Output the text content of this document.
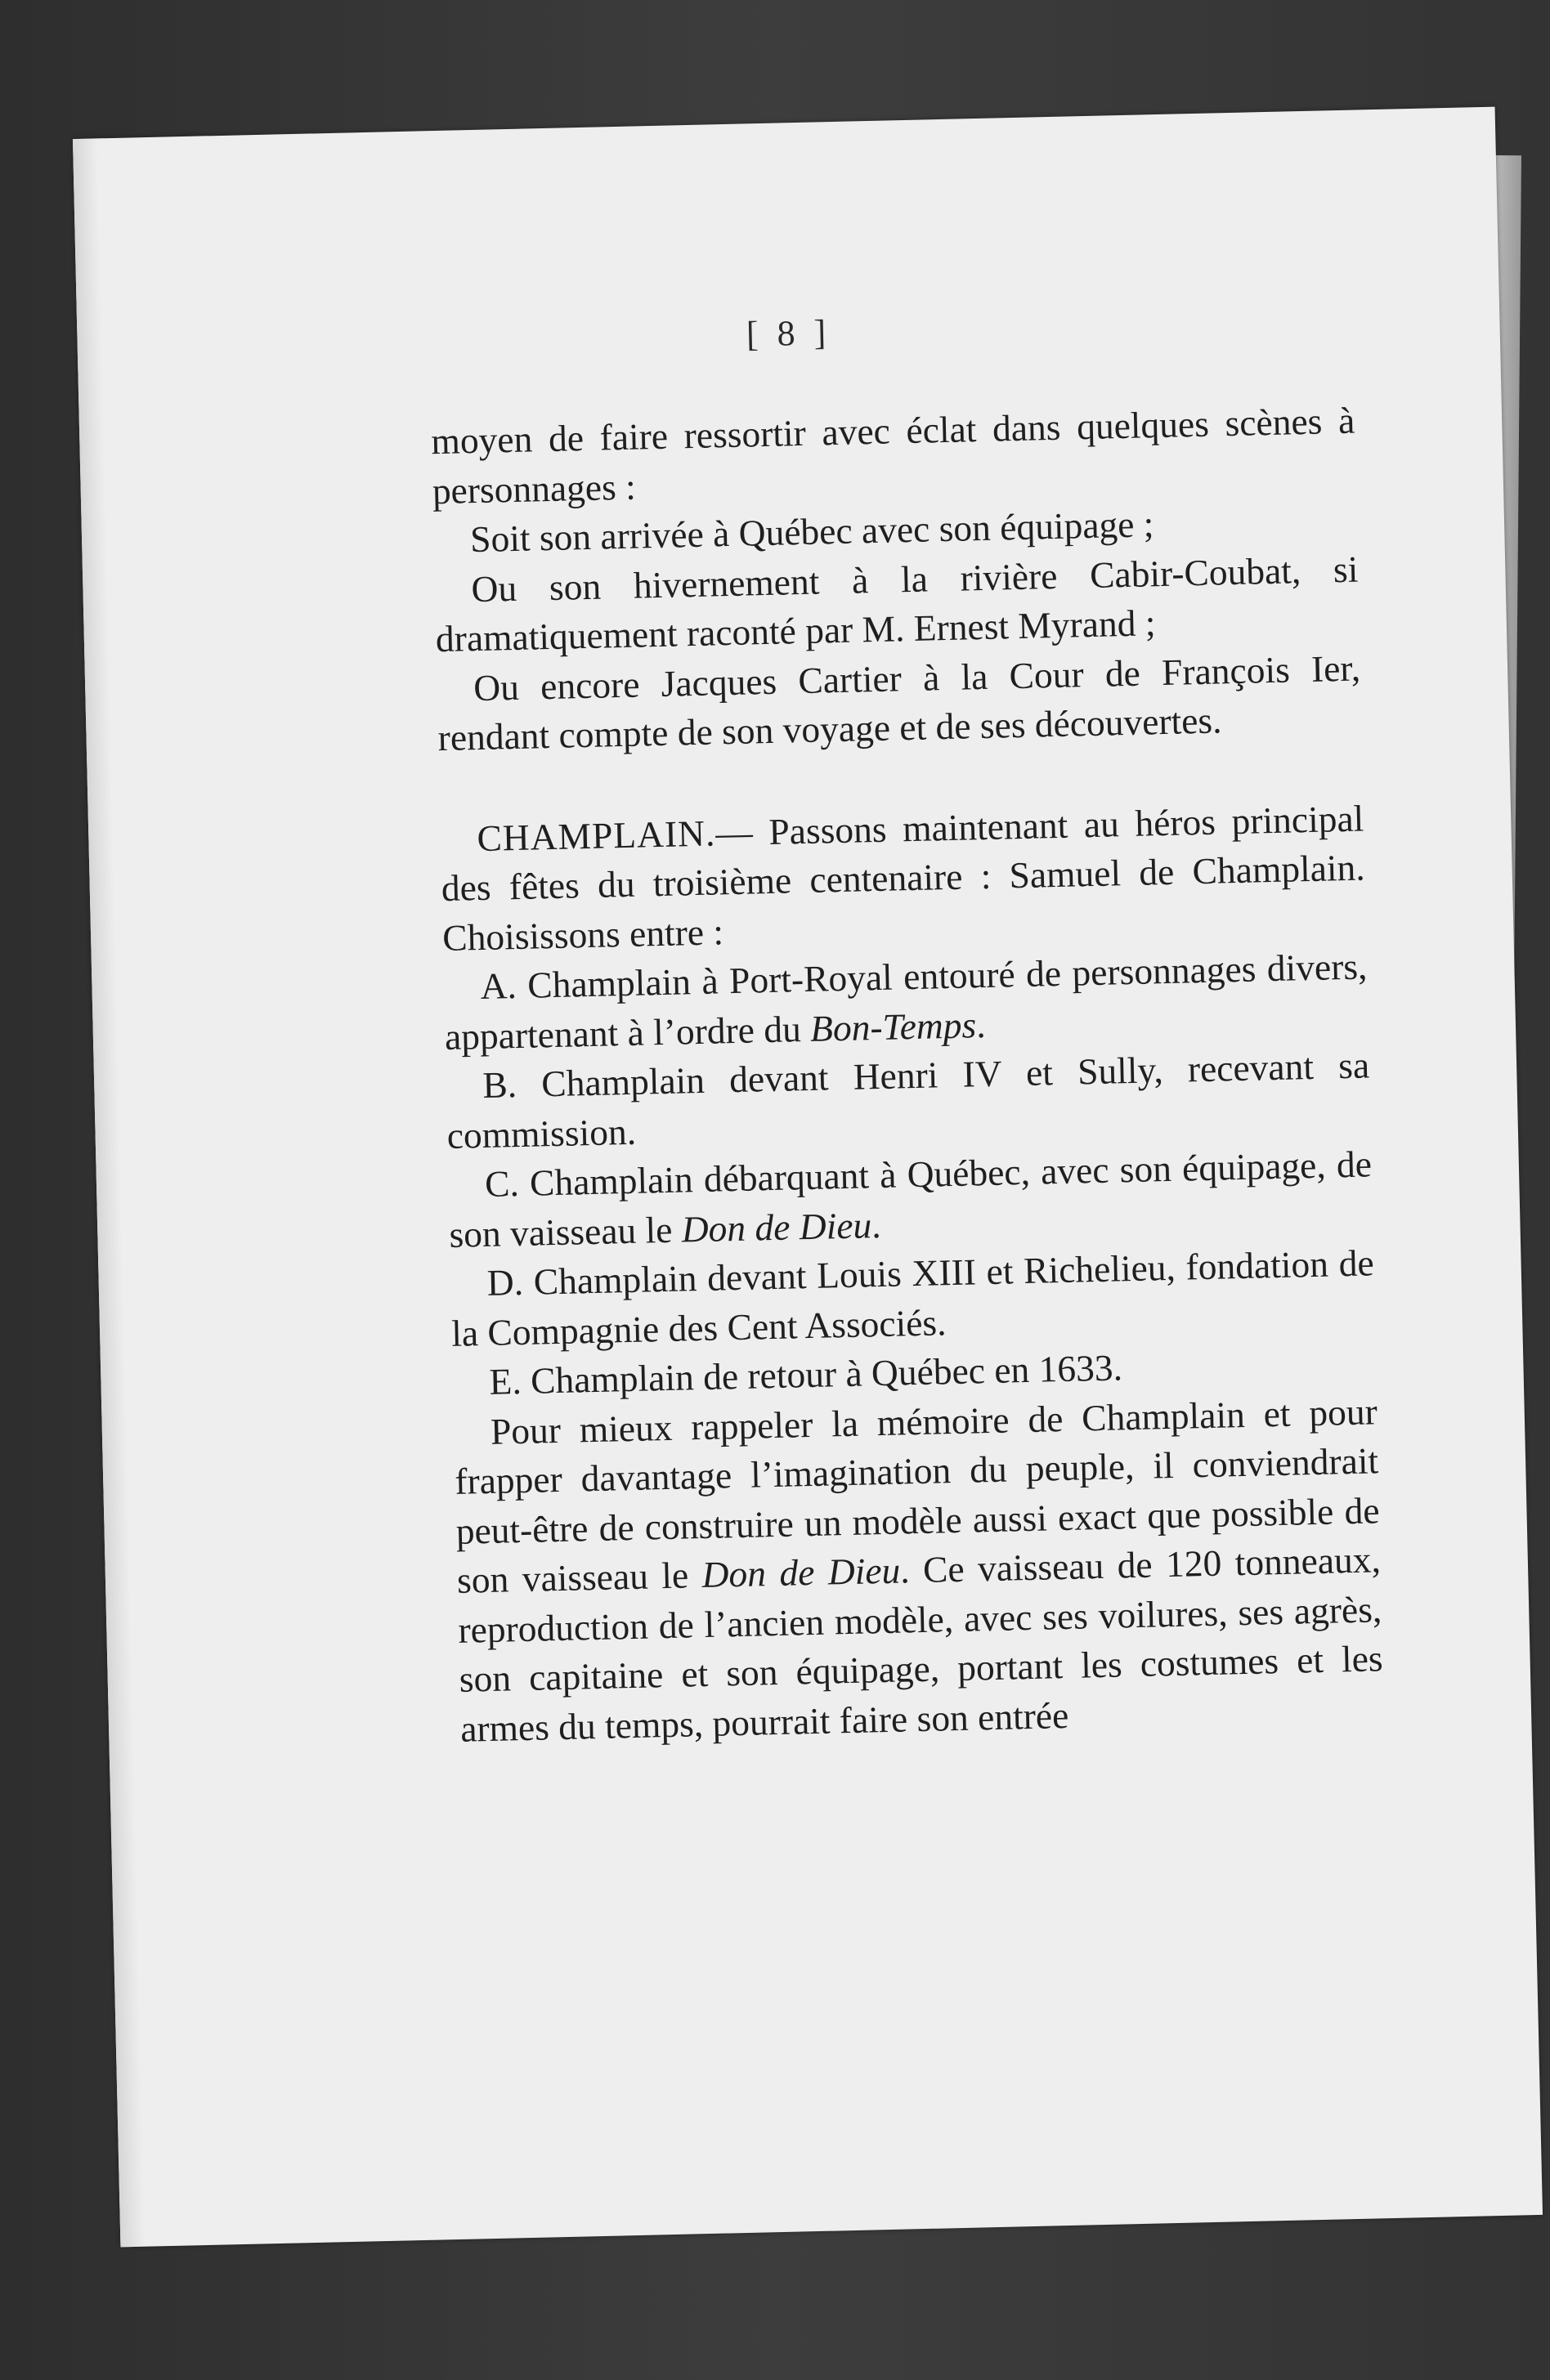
[ 8 ]

moyen de faire ressortir avec éclat dans quelques scènes à personnages :

Soit son arrivée à Québec avec son équipage ;

Ou son hivernement à la rivière Cabir-Coubat, si dramatiquement raconté par M. Ernest Myrand ;

Ou encore Jacques Cartier à la Cour de François Ier, rendant compte de son voyage et de ses découvertes.

CHAMPLAIN.— Passons maintenant au héros principal des fêtes du troisième centenaire : Samuel de Champlain. Choisissons entre :

A. Champlain à Port-Royal entouré de personnages divers, appartenant à l’ordre du Bon-Temps.

B. Champlain devant Henri IV et Sully, recevant sa commission.

C. Champlain débarquant à Québec, avec son équipage, de son vaisseau le Don de Dieu.

D. Champlain devant Louis XIII et Richelieu, fondation de la Compagnie des Cent Associés.

E. Champlain de retour à Québec en 1633.

Pour mieux rappeler la mémoire de Champlain et pour frapper davantage l’imagination du peuple, il conviendrait peut-être de construire un modèle aussi exact que possible de son vaisseau le Don de Dieu. Ce vaisseau de 120 tonneaux, reproduction de l’ancien modèle, avec ses voilures, ses agrès, son capitaine et son équipage, portant les costumes et les armes du temps, pourrait faire son entrée
